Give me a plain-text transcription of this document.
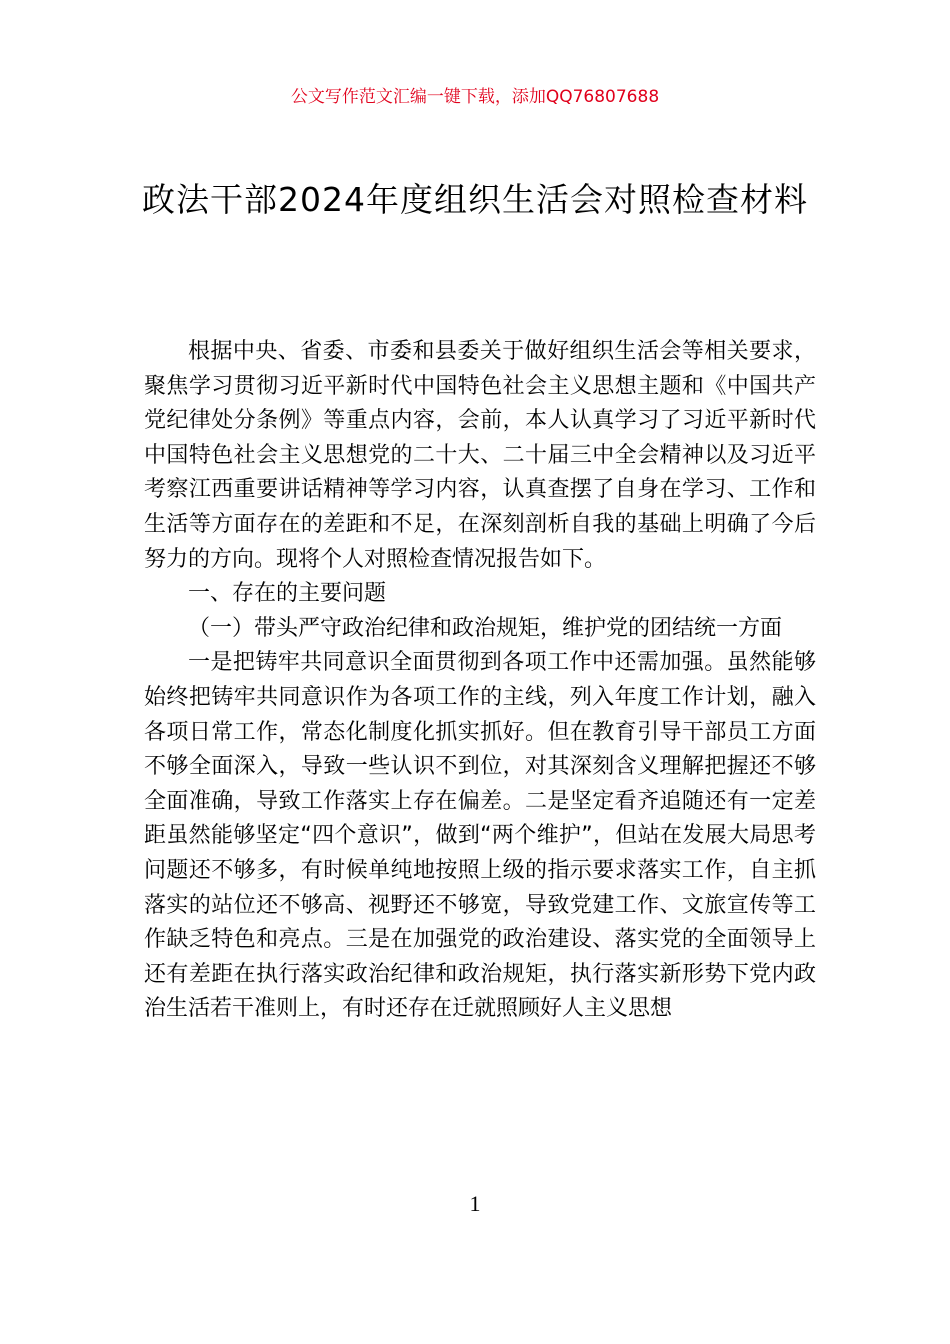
公文写作范文汇编一键下载，添加QQ76807688
政法干部2024年度组织生活会对照检查材料

根据中央、省委、市委和县委关于做好组织生活会等相关要求，聚焦学习贯彻习近平新时代中国特色社会主义思想主题和《中国共产党纪律处分条例》等重点内容，会前，本人认真学习了习近平新时代中国特色社会主义思想党的二十大、二十届三中全会精神以及习近平考察江西重要讲话精神等学习内容，认真查摆了自身在学习、工作和生活等方面存在的差距和不足，在深刻剖析自我的基础上明确了今后努力的方向。现将个人对照检查情况报告如下。

一、存在的主要问题

（一）带头严守政治纪律和政治规矩，维护党的团结统一方面

一是把铸牢共同意识全面贯彻到各项工作中还需加强。虽然能够始终把铸牢共同意识作为各项工作的主线，列入年度工作计划，融入各项日常工作，常态化制度化抓实抓好。但在教育引导干部员工方面不够全面深入，导致一些认识不到位，对其深刻含义理解把握还不够全面准确，导致工作落实上存在偏差。二是坚定看齐追随还有一定差距虽然能够坚定“四个意识”，做到“两个维护”，但站在发展大局思考问题还不够多，有时候单纯地按照上级的指示要求落实工作，自主抓落实的站位还不够高、视野还不够宽，导致党建工作、文旅宣传等工作缺乏特色和亮点。三是在加强党的政治建设、落实党的全面领导上还有差距在执行落实政治纪律和政治规矩，执行落实新形势下党内政治生活若干准则上，有时还存在迁就照顾好人主义思想

1
